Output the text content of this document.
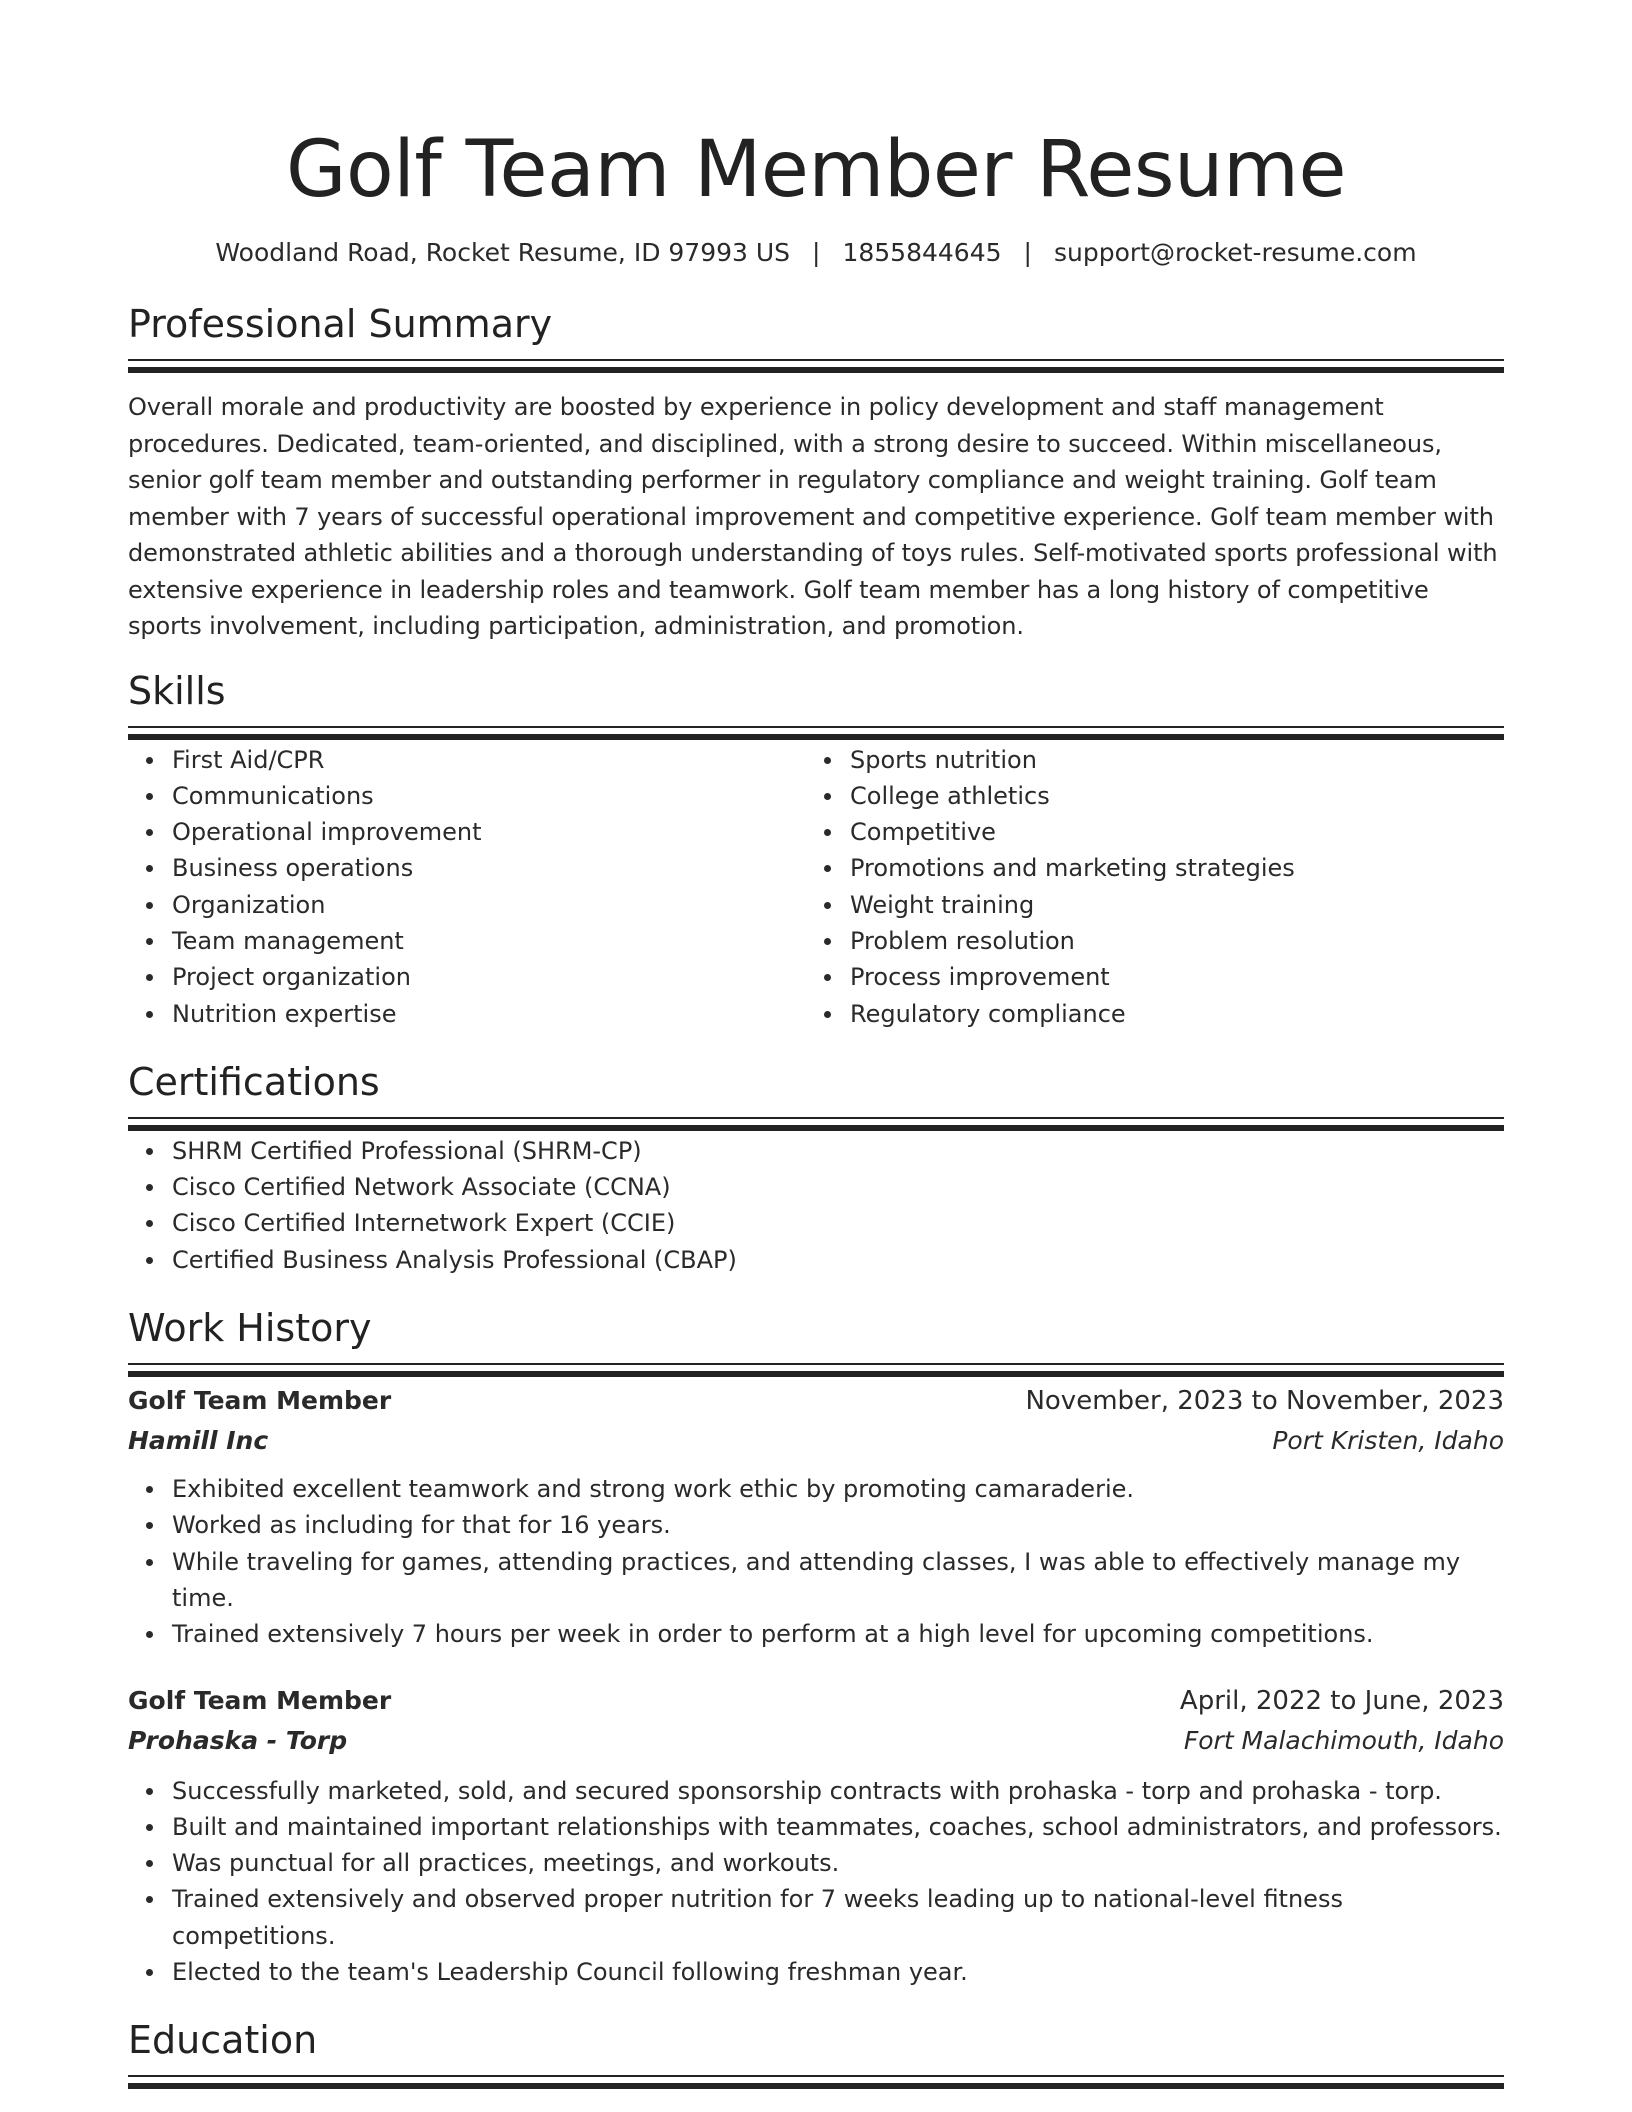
Golf Team Member Resume
Woodland Road, Rocket Resume, ID 97993 US | 1855844645 | support@rocket-resume.com
Professional Summary
Overall morale and productivity are boosted by experience in policy development and staff management procedures. Dedicated, team-oriented, and disciplined, with a strong desire to succeed. Within miscellaneous, senior golf team member and outstanding performer in regulatory compliance and weight training. Golf team member with 7 years of successful operational improvement and competitive experience. Golf team member with demonstrated athletic abilities and a thorough understanding of toys rules. Self-motivated sports professional with extensive experience in leadership roles and teamwork. Golf team member has a long history of competitive sports involvement, including participation, administration, and promotion.
Skills
First Aid/CPR
Communications
Operational improvement
Business operations
Organization
Team management
Project organization
Nutrition expertise
Sports nutrition
College athletics
Competitive
Promotions and marketing strategies
Weight training
Problem resolution
Process improvement
Regulatory compliance
Certifications
SHRM Certified Professional (SHRM-CP)
Cisco Certified Network Associate (CCNA)
Cisco Certified Internetwork Expert (CCIE)
Certified Business Analysis Professional (CBAP)
Work History
Golf Team Member	November, 2023 to November, 2023
Hamill Inc	Port Kristen, Idaho
Exhibited excellent teamwork and strong work ethic by promoting camaraderie.
Worked as including for that for 16 years.
While traveling for games, attending practices, and attending classes, I was able to effectively manage my time.
Trained extensively 7 hours per week in order to perform at a high level for upcoming competitions.
Golf Team Member	April, 2022 to June, 2023
Prohaska - Torp	Fort Malachimouth, Idaho
Successfully marketed, sold, and secured sponsorship contracts with prohaska - torp and prohaska - torp.
Built and maintained important relationships with teammates, coaches, school administrators, and professors.
Was punctual for all practices, meetings, and workouts.
Trained extensively and observed proper nutrition for 7 weeks leading up to national-level fitness competitions.
Elected to the team's Leadership Council following freshman year.
Education
